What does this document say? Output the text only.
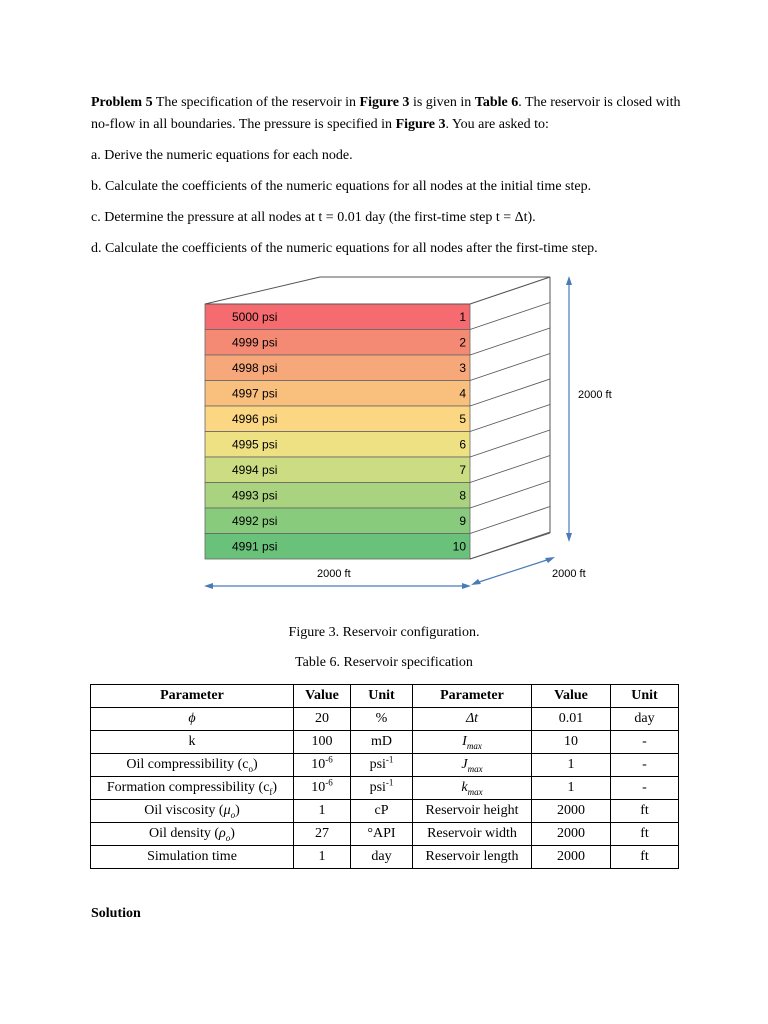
Problem 5 The specification of the reservoir in Figure 3 is given in Table 6. The reservoir is closed with no-flow in all boundaries. The pressure is specified in Figure 3. You are asked to:

a. Derive the numeric equations for each node.

b. Calculate the coefficients of the numeric equations for all nodes at the initial time step.

c. Determine the pressure at all nodes at t = 0.01 day (the first-time step t = Δt).

d. Calculate the coefficients of the numeric equations for all nodes after the first-time step.

5000 psi	1
4999 psi	2
4998 psi	3
4997 psi	4
4996 psi	5
4995 psi	6
4994 psi	7
4993 psi	8
4992 psi	9
4991 psi	10
2000 ft
2000 ft	2000 ft
Figure 3. Reservoir configuration.
Table 6. Reservoir specification
Parameter	Value	Unit	Parameter	Value	Unit
ϕ	20	%	Δt	0.01	day
k	100	mD	$I_{max}$	10	-
Oil compressibility $(c_o)$	$10^{-6}$	psi$^{-1}$	$J_{max}$	1	-
Formation compressibility $(c_f)$	$10^{-6}$	psi$^{-1}$	$k_{max}$	1	-
Oil viscosity $(\mu_o)$	1	cP	Reservoir height	2000	ft
Oil density $(\rho_o)$	27	°API	Reservoir width	2000	ft
Simulation time	1	day	Reservoir length	2000	ft
Solution
